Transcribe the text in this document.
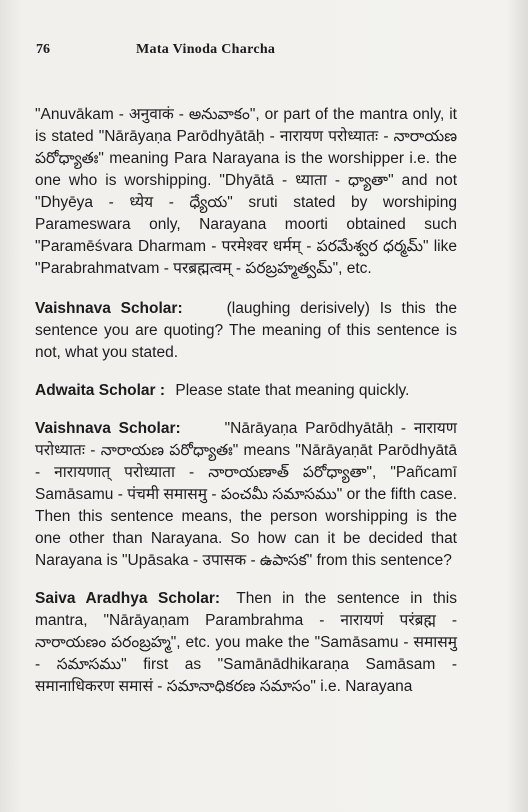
76	Mata Vinoda Charcha

"Anuvākam - अनुवाकं - అనువాకం", or part of the mantra only, it is stated "Nārāyaṇa Parōdhyātāḥ - नारायण परोध्यातः - నారాయణ పరోధ్యాతః" meaning Para Narayana is the worshipper i.e. the one who is worshipping. "Dhyātā - ध्याता - ధ్యాతా" and not "Dhyēya - ध्येय - ధ్యేయ" sruti stated by worshiping Parameswara only, Narayana moorti obtained such "Paramēśvara Dharmam - परमेश्वर धर्मम् - పరమేశ్వర ధర్మమ్" like "Parabrahmatvam - परब्रह्मत्वम् - పరబ్రహ్మత్వమ్", etc.

Vaishnava Scholar:	(laughing derisively) Is this the sentence you are quoting? The meaning of this sentence is not, what you stated.

Adwaita Scholar : Please state that meaning quickly.

Vaishnava Scholar:	"Nārāyaṇa Parōdhyātāḥ - नारायण परोध्यातः - నారాయణ పరోధ్యాతః" means "Nārāyaṇāt Parōdhyātā - नारायणात् परोध्याता - నారాయణాత్ పరోధ్యాతా", "Pañcamī Samāsamu - पंचमी समासमु - పంచమీ సమాసము" or the fifth case. Then this sentence means, the person worshipping is the one other than Narayana. So how can it be decided that Narayana is "Upāsaka - उपासक - ఉపాసక" from this sentence?

Saiva Aradhya Scholar: Then in the sentence in this mantra, "Nārāyaṇam Parambrahma - नारायणं परंब्रह्म - నారాయణం పరంబ్రహ్మ", etc. you make the "Samāsamu - समासमु - సమాసము" first as "Samānādhikaraṇa Samāsam - समानाधिकरण समासं - సమానాధికరణ సమాసం" i.e. Narayana
